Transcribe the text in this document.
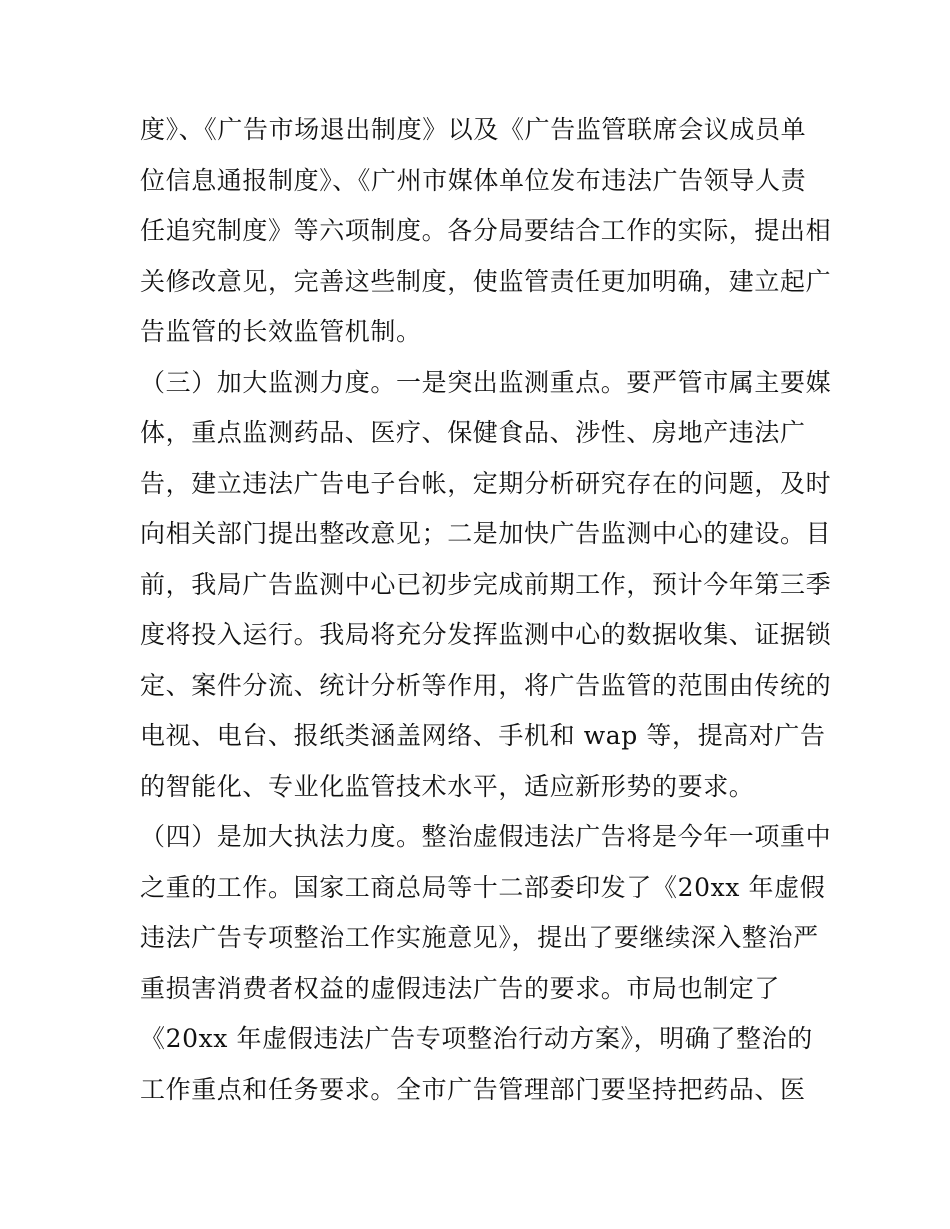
度》、《广告市场退出制度》以及《广告监管联席会议成员单
位信息通报制度》、《广州市媒体单位发布违法广告领导人责
任追究制度》等六项制度。各分局要结合工作的实际，提出相
关修改意见，完善这些制度，使监管责任更加明确，建立起广
告监管的长效监管机制。
（三）加大监测力度。一是突出监测重点。要严管市属主要媒
体，重点监测药品、医疗、保健食品、涉性、房地产违法广
告，建立违法广告电子台帐，定期分析研究存在的问题，及时
向相关部门提出整改意见；二是加快广告监测中心的建设。目
前，我局广告监测中心已初步完成前期工作，预计今年第三季
度将投入运行。我局将充分发挥监测中心的数据收集、证据锁
定、案件分流、统计分析等作用，将广告监管的范围由传统的
电视、电台、报纸类涵盖网络、手机和 wap 等，提高对广告
的智能化、专业化监管技术水平，适应新形势的要求。
（四）是加大执法力度。整治虚假违法广告将是今年一项重中
之重的工作。国家工商总局等十二部委印发了《20xx 年虚假
违法广告专项整治工作实施意见》，提出了要继续深入整治严
重损害消费者权益的虚假违法广告的要求。市局也制定了
《20xx 年虚假违法广告专项整治行动方案》，明确了整治的
工作重点和任务要求。全市广告管理部门要坚持把药品、医
